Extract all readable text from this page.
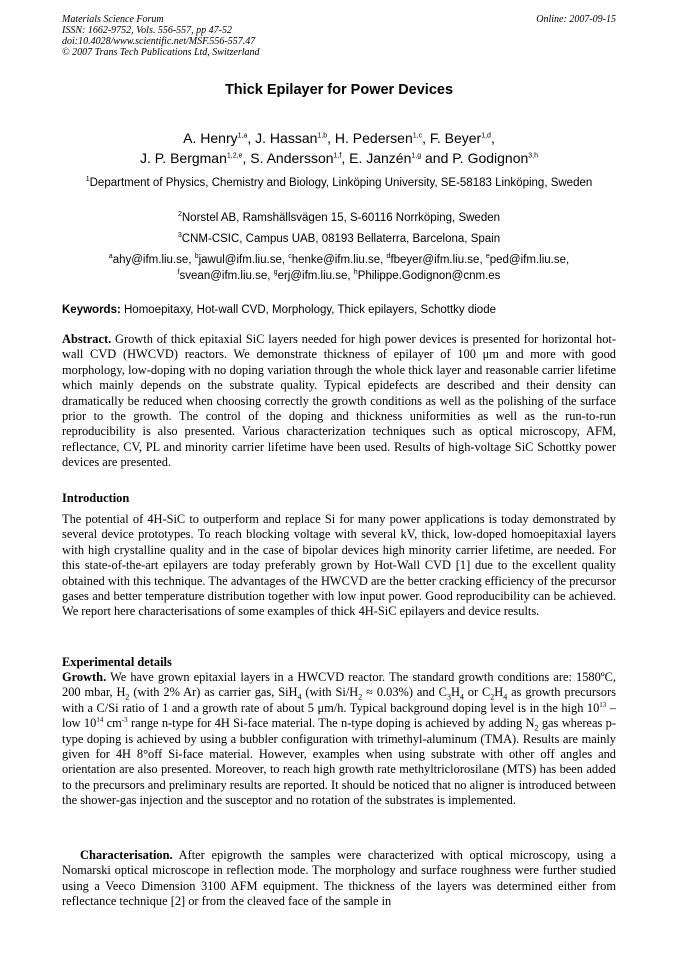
Materials Science Forum
ISSN: 1662-9752, Vols. 556-557, pp 47-52
doi:10.4028/www.scientific.net/MSF.556-557.47
© 2007 Trans Tech Publications Ltd, Switzerland
Online: 2007-09-15
Thick Epilayer for Power Devices
A. Henry$^{1,a}$, J. Hassan$^{1,b}$, H. Pedersen$^{1,c}$, F. Beyer$^{1,d}$,
J. P. Bergman$^{1,2,e}$, S. Andersson$^{1,f}$, E. Janzén$^{1,g}$ and P. Godignon$^{3,h}$
$^1$Department of Physics, Chemistry and Biology, Linköping University, SE-58183 Linköping, Sweden
$^2$Norstel AB, Ramshällsvägen 15, S-60116 Norrköping, Sweden
$^3$CNM-CSIC, Campus UAB, 08193 Bellaterra, Barcelona, Spain
$^a$ahy@ifm.liu.se, $^b$jawul@ifm.liu.se, $^c$henke@ifm.liu.se, $^d$fbeyer@ifm.liu.se, $^e$ped@ifm.liu.se,
$^f$svean@ifm.liu.se, $^g$erj@ifm.liu.se, $^h$Philippe.Godignon@cnm.es
Keywords: Homoepitaxy, Hot-wall CVD, Morphology, Thick epilayers, Schottky diode
Abstract. Growth of thick epitaxial SiC layers needed for high power devices is presented for horizontal hot-wall CVD (HWCVD) reactors. We demonstrate thickness of epilayer of 100 μm and more with good morphology, low-doping with no doping variation through the whole thick layer and reasonable carrier lifetime which mainly depends on the substrate quality. Typical epidefects are described and their density can dramatically be reduced when choosing correctly the growth conditions as well as the polishing of the surface prior to the growth. The control of the doping and thickness uniformities as well as the run-to-run reproducibility is also presented. Various characterization techniques such as optical microscopy, AFM, reflectance, CV, PL and minority carrier lifetime have been used. Results of high-voltage SiC Schottky power devices are presented.
Introduction
The potential of 4H-SiC to outperform and replace Si for many power applications is today demonstrated by several device prototypes. To reach blocking voltage with several kV, thick, low-doped homoepitaxial layers with high crystalline quality and in the case of bipolar devices high minority carrier lifetime, are needed. For this state-of-the-art epilayers are today preferably grown by Hot-Wall CVD [1] due to the excellent quality obtained with this technique. The advantages of the HWCVD are the better cracking efficiency of the precursor gases and better temperature distribution together with low input power. Good reproducibility can be achieved. We report here characterisations of some examples of thick 4H-SiC epilayers and device results.
Experimental details
Growth. We have grown epitaxial layers in a HWCVD reactor. The standard growth conditions are: 1580ºC, 200 mbar, $H_2$ (with 2% Ar) as carrier gas, SiH$_4$ (with $Si/H_2 \approx 0.03\%$) and $C_3H_4$ or $C_2H_4$ as growth precursors with a C/Si ratio of 1 and a growth rate of about 5 μm/h. Typical background doping level is in the high $10^{13}$ – low $10^{14}$ $cm^{-3}$ range n-type for 4H Si-face material. The n-type doping is achieved by adding $N_2$ gas whereas p-type doping is achieved by using a bubbler configuration with trimethyl-aluminum (TMA). Results are mainly given for 4H 8°off Si-face material. However, examples when using substrate with other off angles and orientation are also presented. Moreover, to reach high growth rate methyltriclorosilane (MTS) has been added to the precursors and preliminary results are reported. It should be noticed that no aligner is introduced between the shower-gas injection and the susceptor and no rotation of the substrates is implemented.
Characterisation. After epigrowth the samples were characterized with optical microscopy, using a Nomarski optical microscope in reflection mode. The morphology and surface roughness were further studied using a Veeco Dimension 3100 AFM equipment. The thickness of the layers was determined either from reflectance technique [2] or from the cleaved face of the sample in
